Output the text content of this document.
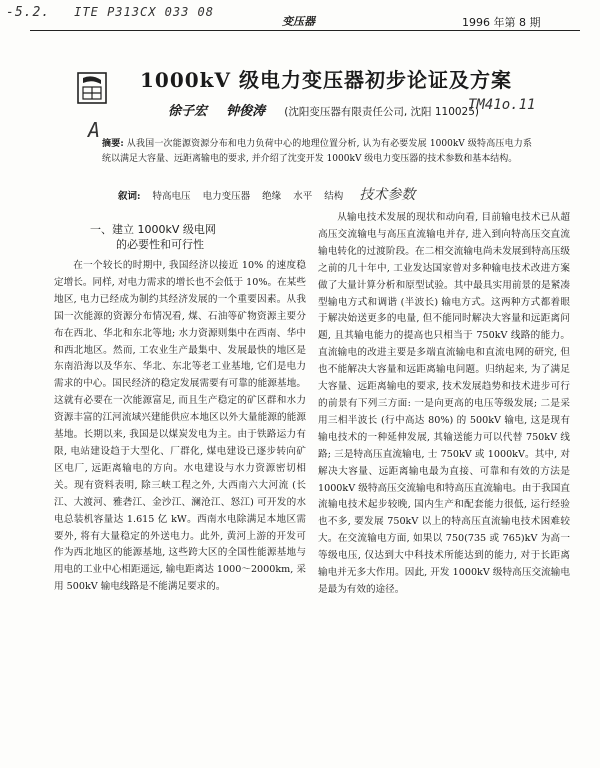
-5.2. ITE P313CX 033 08
变压器	1996 年第 8 期
1000kV 级电力变压器初步论证及方案
徐子宏 钟俊涛 (沈阳变压器有限责任公司, 沈阳 110025)
TM41o.11
A
摘要: 从我国一次能源资源分布和电力负荷中心的地理位置分析, 认为有必要发展 1000kV 级特高压电力系统以满足大容量、远距离输电的要求, 并介绍了沈变开发 1000kV 级电力变压器的技术参数和基本结构。
叙词: 特高电压 电力变压器 绝缘 水平 结构 技术参数
一、建立 1000kV 级电网
的必要性和可行性

在一个较长的时期中, 我国经济以接近 10% 的速度稳定增长。同样, 对电力需求的增长也不会低于 10%。在某些地区, 电力已经成为制约其经济发展的一个重要因素。从我国一次能源的资源分布情况看, 煤、石油等矿物资源主要分布在西北、华北和东北等地; 水力资源则集中在西南、华中和西北地区。然而, 工农业生产最集中、发展最快的地区是东南沿海以及华东、华北、东北等老工业基地, 它们是电力需求的中心。国民经济的稳定发展需要有可靠的能源基地。这就有必要在一次能源富足, 而且生产稳定的矿区群和水力资源丰富的江河流域兴建能供应本地区以外大量能源的能源基地。长期以来, 我国是以煤炭发电为主。由于铁路运力有限, 电站建设趋于大型化、厂群化, 煤电建设已逐步转向矿区电厂, 远距离输电的方向。水电建设与水力资源密切相关。现有资料表明, 除三峡工程之外, 大西南六大河流 (长江、大渡河、雅砻江、金沙江、澜沧江、怒江) 可开发的水电总装机容量达 1.615 亿 kW。西南水电除满足本地区需要外, 将有大量稳定的外送电力。此外, 黄河上游的开发可作为西北地区的能源基地, 这些跨大区的全国性能源基地与用电的工业中心相距遥远, 输电距离达 1000～2000km, 采用 500kV 输电线路是不能满足要求的。

从输电技术发展的现状和动向看, 目前输电技术已从超高压交流输电与高压直流输电并存, 进入到向特高压交直流输电转化的过渡阶段。在二相交流输电尚未发展到特高压级之前的几十年中, 工业发达国家曾对多种输电技术改进方案做了大量计算分析和原型试验。其中最具实用前景的是紧凑型输电方式和调谐 (半波长) 输电方式。这两种方式都着眼于解决始送更多的电量, 但不能同时解决大容量和远距离问题, 且其输电能力的提高也只相当于 750kV 线路的能力。直流输电的改进主要是多端直流输电和直流电网的研究, 但也不能解决大容量和远距离输电问题。归纳起来, 为了满足大容量、远距离输电的要求, 技术发展趋势和技术进步可行的前景有下列三方面: 一是向更高的电压等级发展; 二是采用三相半波长 (行中高达 80%) 的 500kV 输电, 这是现有输电技术的一种延伸发展, 其输送能力可以代替 750kV 线路; 三是特高压直流输电, 士 750kV 或 1000kV。其中, 对解决大容量、远距离输电最为直接、可靠和有效的方法是 1000kV 级特高压交流输电和特高压直流输电。由于我国直流输电技术起步较晚, 国内生产和配套能力很低, 运行经验也不多, 要发展 750kV 以上的特高压直流输电技术困难较大。在交流输电方面, 如果以 750(735 或 765)kV 为高一等级电压, 仅达到大中科技术所能达到的能力, 对于长距离输电并无多大作用。因此, 开发 1000kV 级特高压交流输电是最为有效的途径。
